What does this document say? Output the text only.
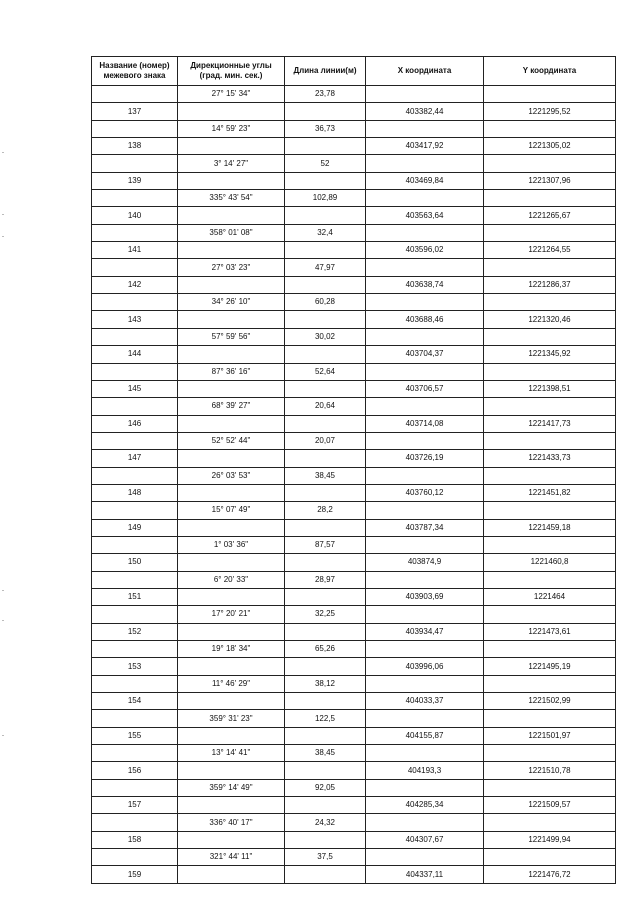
Название (номер) межевого знака	Дирекционные углы (град. мин. сек.)	Длина линии(м)	X координата	Y координата
	27° 15' 34"	23,78		
137			403382,44	1221295,52
	14° 59' 23"	36,73		
138			403417,92	1221305,02
	3° 14' 27"	52		
139			403469,84	1221307,96
	335° 43' 54"	102,89		
140			403563,64	1221265,67
	358° 01' 08"	32,4		
141			403596,02	1221264,55
	27° 03' 23"	47,97		
142			403638,74	1221286,37
	34° 26' 10"	60,28		
143			403688,46	1221320,46
	57° 59' 56"	30,02		
144			403704,37	1221345,92
	87° 36' 16"	52,64		
145			403706,57	1221398,51
	68° 39' 27"	20,64		
146			403714,08	1221417,73
	52° 52' 44"	20,07		
147			403726,19	1221433,73
	26° 03' 53"	38,45		
148			403760,12	1221451,82
	15° 07' 49"	28,2		
149			403787,34	1221459,18
	1° 03' 36"	87,57		
150			403874,9	1221460,8
	6° 20' 33"	28,97		
151			403903,69	1221464
	17° 20' 21"	32,25		
152			403934,47	1221473,61
	19° 18' 34"	65,26		
153			403996,06	1221495,19
	11° 46' 29"	38,12		
154			404033,37	1221502,99
	359° 31' 23"	122,5		
155			404155,87	1221501,97
	13° 14' 41"	38,45		
156			404193,3	1221510,78
	359° 14' 49"	92,05		
157			404285,34	1221509,57
	336° 40' 17"	24,32		
158			404307,67	1221499,94
	321° 44' 11"	37,5		
159			404337,11	1221476,72
